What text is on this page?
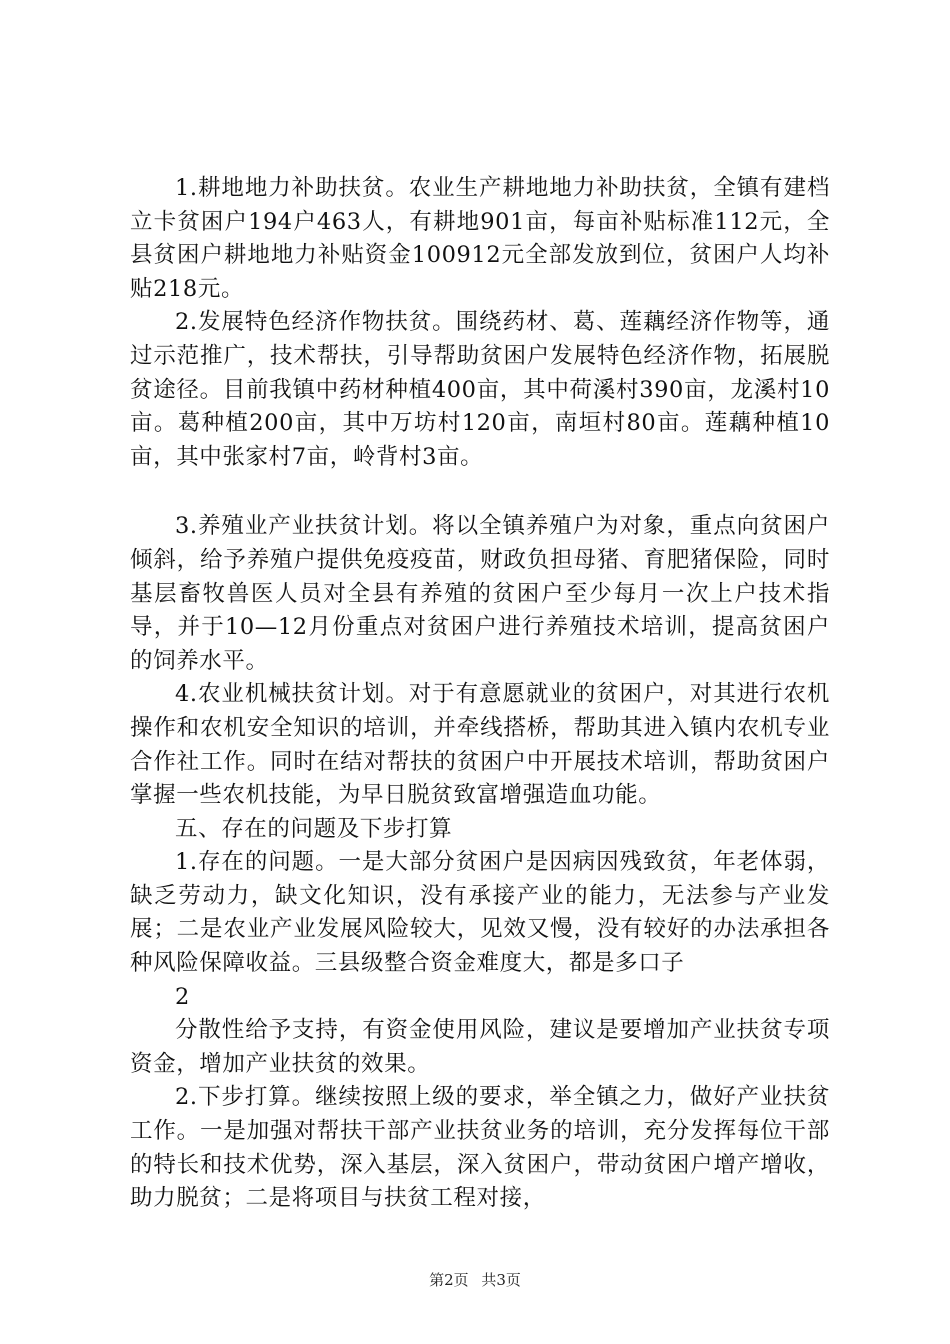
1.耕地地力补助扶贫。农业生产耕地地力补助扶贫，全镇有建档立卡贫困户194户463人，有耕地901亩，每亩补贴标准112元，全县贫困户耕地地力补贴资金100912元全部发放到位，贫困户人均补贴218元。

2.发展特色经济作物扶贫。围绕药材、葛、莲藕经济作物等，通过示范推广，技术帮扶，引导帮助贫困户发展特色经济作物，拓展脱贫途径。目前我镇中药材种植400亩，其中荷溪村390亩，龙溪村10亩。葛种植200亩，其中万坊村120亩，南垣村80亩。莲藕种植10亩，其中张家村7亩，岭背村3亩。

3.养殖业产业扶贫计划。将以全镇养殖户为对象，重点向贫困户倾斜，给予养殖户提供免疫疫苗，财政负担母猪、育肥猪保险，同时基层畜牧兽医人员对全县有养殖的贫困户至少每月一次上户技术指导，并于10—12月份重点对贫困户进行养殖技术培训，提高贫困户的饲养水平。

4.农业机械扶贫计划。对于有意愿就业的贫困户，对其进行农机操作和农机安全知识的培训，并牵线搭桥，帮助其进入镇内农机专业合作社工作。同时在结对帮扶的贫困户中开展技术培训，帮助贫困户掌握一些农机技能，为早日脱贫致富增强造血功能。

五、存在的问题及下步打算

1.存在的问题。一是大部分贫困户是因病因残致贫，年老体弱，缺乏劳动力，缺文化知识，没有承接产业的能力，无法参与产业发展；二是农业产业发展风险较大，见效又慢，没有较好的办法承担各种风险保障收益。三县级整合资金难度大，都是多口子

2

分散性给予支持，有资金使用风险，建议是要增加产业扶贫专项资金，增加产业扶贫的效果。

2.下步打算。继续按照上级的要求，举全镇之力，做好产业扶贫工作。一是加强对帮扶干部产业扶贫业务的培训，充分发挥每位干部的特长和技术优势，深入基层，深入贫困户，带动贫困户增产增收，助力脱贫；二是将项目与扶贫工程对接，

第2页 共3页
